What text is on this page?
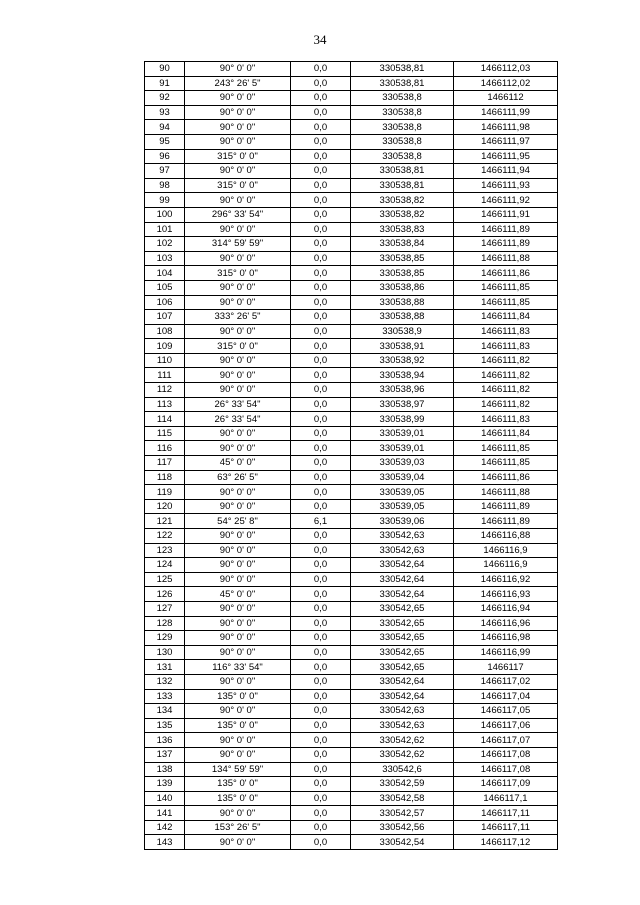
34
90	90° 0' 0"	0,0	330538,81	1466112,03
91	243° 26' 5"	0,0	330538,81	1466112,02
92	90° 0' 0"	0,0	330538,8	1466112
93	90° 0' 0"	0,0	330538,8	1466111,99
94	90° 0' 0"	0,0	330538,8	1466111,98
95	90° 0' 0"	0,0	330538,8	1466111,97
96	315° 0' 0"	0,0	330538,8	1466111,95
97	90° 0' 0"	0,0	330538,81	1466111,94
98	315° 0' 0"	0,0	330538,81	1466111,93
99	90° 0' 0"	0,0	330538,82	1466111,92
100	296° 33' 54"	0,0	330538,82	1466111,91
101	90° 0' 0"	0,0	330538,83	1466111,89
102	314° 59' 59"	0,0	330538,84	1466111,89
103	90° 0' 0"	0,0	330538,85	1466111,88
104	315° 0' 0"	0,0	330538,85	1466111,86
105	90° 0' 0"	0,0	330538,86	1466111,85
106	90° 0' 0"	0,0	330538,88	1466111,85
107	333° 26' 5"	0,0	330538,88	1466111,84
108	90° 0' 0"	0,0	330538,9	1466111,83
109	315° 0' 0"	0,0	330538,91	1466111,83
110	90° 0' 0"	0,0	330538,92	1466111,82
111	90° 0' 0"	0,0	330538,94	1466111,82
112	90° 0' 0"	0,0	330538,96	1466111,82
113	26° 33' 54"	0,0	330538,97	1466111,82
114	26° 33' 54"	0,0	330538,99	1466111,83
115	90° 0' 0"	0,0	330539,01	1466111,84
116	90° 0' 0"	0,0	330539,01	1466111,85
117	45° 0' 0"	0,0	330539,03	1466111,85
118	63° 26' 5"	0,0	330539,04	1466111,86
119	90° 0' 0"	0,0	330539,05	1466111,88
120	90° 0' 0"	0,0	330539,05	1466111,89
121	54° 25' 8"	6,1	330539,06	1466111,89
122	90° 0' 0"	0,0	330542,63	1466116,88
123	90° 0' 0"	0,0	330542,63	1466116,9
124	90° 0' 0"	0,0	330542,64	1466116,9
125	90° 0' 0"	0,0	330542,64	1466116,92
126	45° 0' 0"	0,0	330542,64	1466116,93
127	90° 0' 0"	0,0	330542,65	1466116,94
128	90° 0' 0"	0,0	330542,65	1466116,96
129	90° 0' 0"	0,0	330542,65	1466116,98
130	90° 0' 0"	0,0	330542,65	1466116,99
131	116° 33' 54"	0,0	330542,65	1466117
132	90° 0' 0"	0,0	330542,64	1466117,02
133	135° 0' 0"	0,0	330542,64	1466117,04
134	90° 0' 0"	0,0	330542,63	1466117,05
135	135° 0' 0"	0,0	330542,63	1466117,06
136	90° 0' 0"	0,0	330542,62	1466117,07
137	90° 0' 0"	0,0	330542,62	1466117,08
138	134° 59' 59"	0,0	330542,6	1466117,08
139	135° 0' 0"	0,0	330542,59	1466117,09
140	135° 0' 0"	0,0	330542,58	1466117,1
141	90° 0' 0"	0,0	330542,57	1466117,11
142	153° 26' 5"	0,0	330542,56	1466117,11
143	90° 0' 0"	0,0	330542,54	1466117,12
